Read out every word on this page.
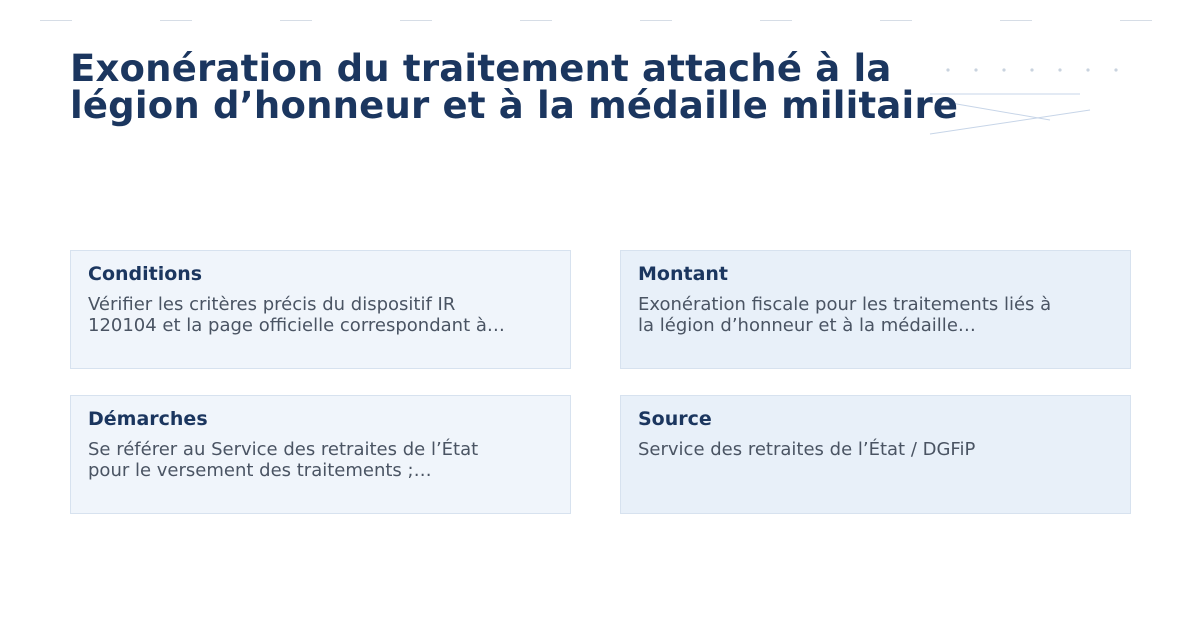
Exonération du traitement attaché à la
légion d’honneur et à la médaille militaire
Conditions

Vérifier les critères précis du dispositif IR
120104 et la page officielle correspondant à…

Montant

Exonération fiscale pour les traitements liés à
la légion d’honneur et à la médaille…

Démarches

Se référer au Service des retraites de l’État
pour le versement des traitements ;…

Source

Service des retraites de l’État / DGFiP
